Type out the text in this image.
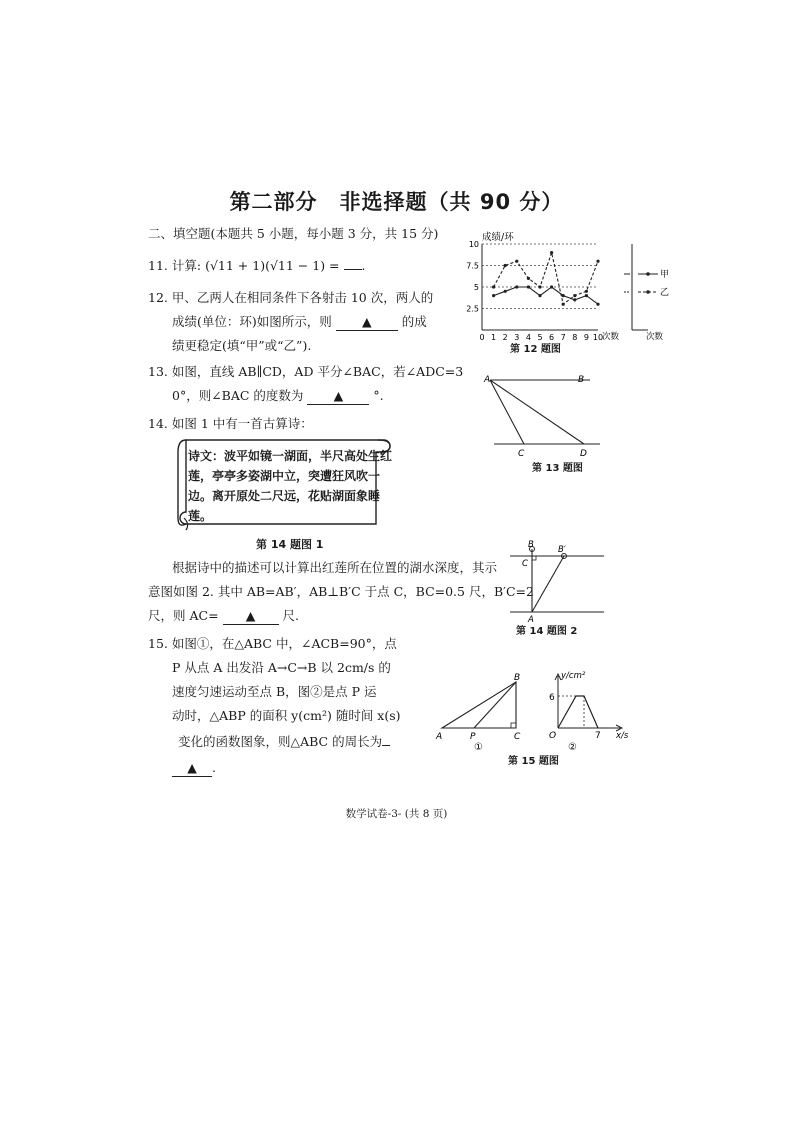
第二部分　非选择题（共 90 分）
二、填空题(本题共 5 小题，每小题 3 分，共 15 分)
11. 计算: (√11 + 1)(√11 − 1) = .
12. 甲、乙两人在相同条件下各射击 10 次，两人的
成绩(单位：环)如图所示，则 ▲ 的成
绩更稳定(填“甲”或“乙”).
13. 如图，直线 AB∥CD，AD 平分∠BAC，若∠ADC=3
0°，则∠BAC 的度数为 ▲ °.
14. 如图 1 中有一首古算诗：
诗文：波平如镜一湖面，半尺高处生红莲，亭亭多姿湖中立，突遭狂风吹一边。离开原处二尺远，花贴湖面象睡莲。
第 14 题图 1
根据诗中的描述可以计算出红莲所在位置的湖水深度，其示
意图如图 2. 其中 AB=AB′，AB⊥B′C 于点 C，BC=0.5 尺，B′C=2
尺，则 AC= ▲ 尺.
15. 如图①，在△ABC 中，∠ACB=90°，点
P 从点 A 出发沿 A→C→B 以 2cm/s 的
速度匀速运动至点 B，图②是点 P 运
动时，△ABP 的面积 y(cm²) 随时间 x(s)
变化的函数图象，则△ABC 的周长为
▲ .
成绩/环
2.5
5
7.5
10
0 1 2 3 4 5 6 7 8 9 10
次数
甲
乙
次数
第 12 题图
A	B
C	D
第 13 题图
B	B′
C
A
第 14 题图 2
A	P	C
B
①
y/cm²
x/s
O
6
7
②
第 15 题图
数学试卷-3- (共 8 页)
